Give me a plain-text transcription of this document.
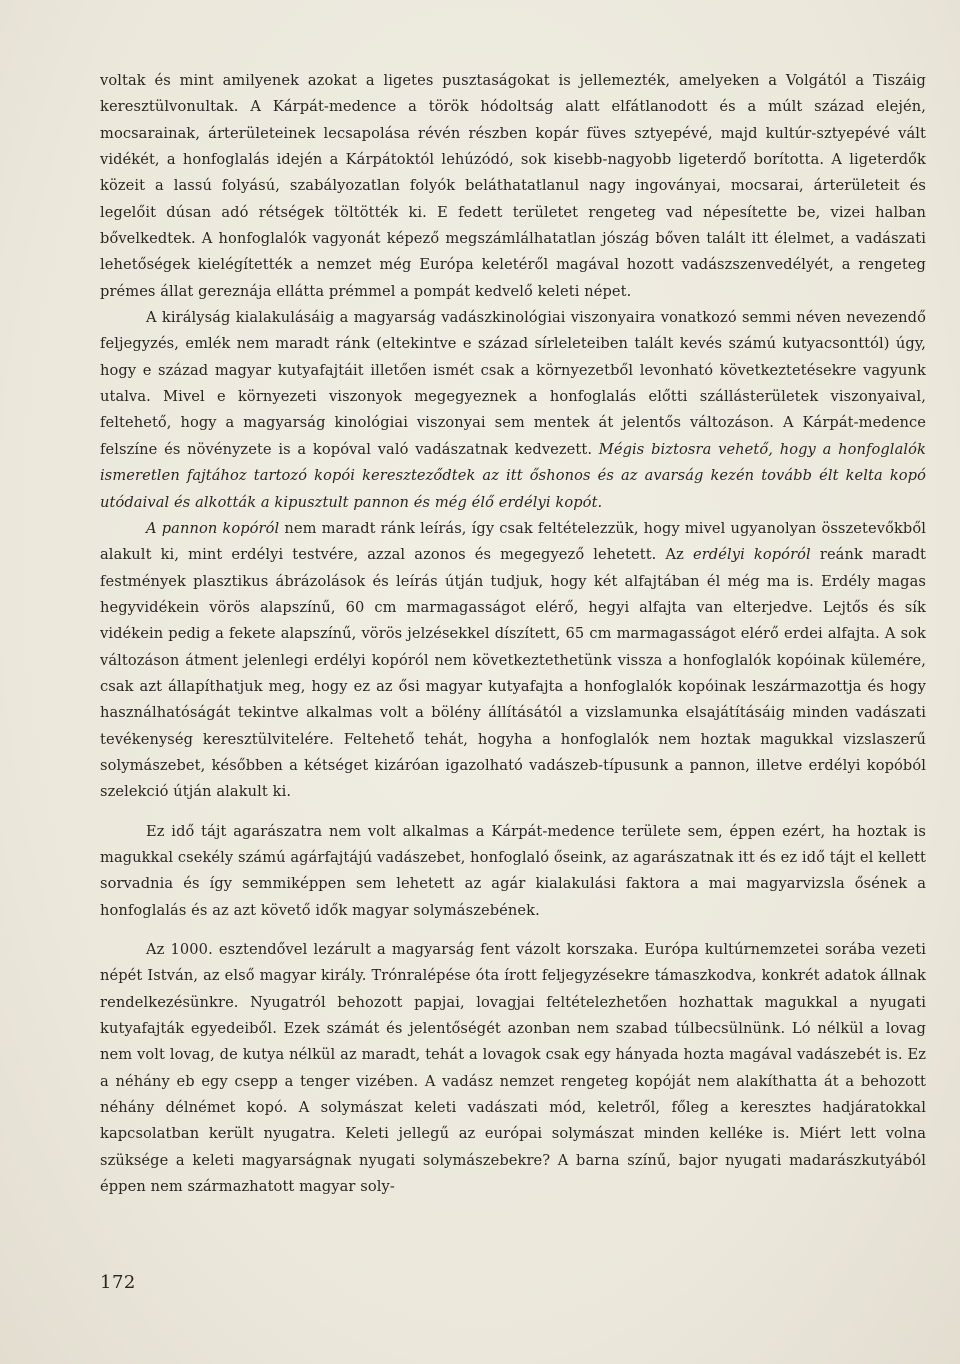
voltak és mint amilyenek azokat a ligetes pusztaságokat is jellemezték, amelyeken a Volgától a Tiszáig keresztülvonultak. A Kárpát-medence a török hódoltság alatt elfátlanodott és a múlt század elején, mocsarainak, árterületeinek lecsapolása révén részben kopár füves sztyepévé, majd kultúr-sztyepévé vált vidékét, a honfoglalás idején a Kárpátoktól lehúzódó, sok kisebb-nagyobb ligeterdő borította. A ligeterdők közeit a lassú folyású, szabályozatlan folyók beláthatatlanul nagy ingoványai, mocsarai, árterületeit és legelőit dúsan adó rétségek töltötték ki. E fedett területet rengeteg vad népesítette be, vizei halban bővelkedtek. A honfoglalók vagyonát képező megszámlálhatatlan jószág bőven talált itt élelmet, a vadászati lehetőségek kielégítették a nemzet még Európa keletéről magával hozott vadászszenvedélyét, a rengeteg prémes állat gereznája ellátta prémmel a pompát kedvelő keleti népet.

A királyság kialakulásáig a magyarság vadászkinológiai viszonyaira vonatkozó semmi néven nevezendő feljegyzés, emlék nem maradt ránk (eltekintve e század sírleleteiben talált kevés számú kutyacsonttól) úgy, hogy e század magyar kutyafajtáit illetően ismét csak a környezetből levonható következtetésekre vagyunk utalva. Mivel e környezeti viszonyok megegyeznek a honfoglalás előtti szállásterületek viszonyaival, feltehető, hogy a magyarság kinológiai viszonyai sem mentek át jelentős változáson. A Kárpát-medence felszíne és növényzete is a kopóval való vadászatnak kedvezett. Mégis biztosra vehető, hogy a honfoglalók ismeretlen fajtához tartozó kopói kereszteződtek az itt őshonos és az avarság kezén tovább élt kelta kopó utódaival és alkották a kipusztult pannon és még élő erdélyi kopót.

A pannon kopóról nem maradt ránk leírás, így csak feltételezzük, hogy mivel ugyanolyan összetevőkből alakult ki, mint erdélyi testvére, azzal azonos és megegyező lehetett. Az erdélyi kopóról reánk maradt festmények plasztikus ábrázolások és leírás útján tudjuk, hogy két alfajtában él még ma is. Erdély magas hegyvidékein vörös alapszínű, 60 cm marmagasságot elérő, hegyi alfajta van elterjedve. Lejtős és sík vidékein pedig a fekete alapszínű, vörös jelzésekkel díszített, 65 cm marmagasságot elérő erdei alfajta. A sok változáson átment jelenlegi erdélyi kopóról nem következtethetünk vissza a honfoglalók kopóinak külemére, csak azt állapíthatjuk meg, hogy ez az ősi magyar kutyafajta a honfoglalók kopóinak leszármazottja és hogy használhatóságát tekintve alkalmas volt a bölény állításától a vizslamunka elsajátításáig minden vadászati tevékenység keresztülvitelére. Feltehető tehát, hogyha a honfoglalók nem hoztak magukkal vizslaszerű solymászebet, későbben a kétséget kizáróan igazolható vadászeb-típusunk a pannon, illetve erdélyi kopóból szelekció útján alakult ki.

Ez idő tájt agarászatra nem volt alkalmas a Kárpát-medence területe sem, éppen ezért, ha hoztak is magukkal csekély számú agárfajtájú vadászebet, honfoglaló őseink, az agarászatnak itt és ez idő tájt el kellett sorvadnia és így semmiképpen sem lehetett az agár kialakulási faktora a mai magyarvizsla ősének a honfoglalás és az azt követő idők magyar solymászebének.

Az 1000. esztendővel lezárult a magyarság fent vázolt korszaka. Európa kultúrnemzetei sorába vezeti népét István, az első magyar király. Trónralépése óta írott feljegyzésekre támaszkodva, konkrét adatok állnak rendelkezésünkre. Nyugatról behozott papjai, lovagjai feltételezhetően hozhattak magukkal a nyugati kutyafajták egyedeiből. Ezek számát és jelentőségét azonban nem szabad túlbecsülnünk. Ló nélkül a lovag nem volt lovag, de kutya nélkül az maradt, tehát a lovagok csak egy hányada hozta magával vadászebét is. Ez a néhány eb egy csepp a tenger vizében. A vadász nemzet rengeteg kopóját nem alakíthatta át a behozott néhány délnémet kopó. A solymászat keleti vadászati mód, keletről, főleg a keresztes hadjáratokkal kapcsolatban került nyugatra. Keleti jellegű az európai solymászat minden kelléke is. Miért lett volna szüksége a keleti magyarságnak nyugati solymászebekre? A barna színű, bajor nyugati madarászkutyából éppen nem származhatott magyar soly-

172
